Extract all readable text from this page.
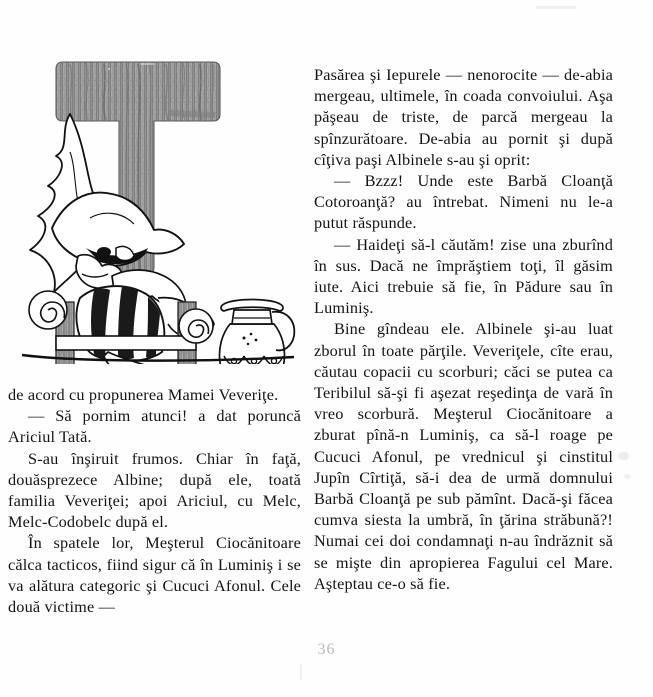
de acord cu propunerea Mamei Veveriţe.

— Să pornim atunci! a dat poruncă Ariciul Tată.

S-au înşiruit frumos. Chiar în faţă, douăsprezece Albine; după ele, toată familia Veveriţei; apoi Ariciul, cu Melc, Melc-Codobelc după el.

În spatele lor, Meşterul Ciocănitoare călca tacticos, fiind sigur că în Luminiş i se va alătura categoric şi Cucuci Afonul. Cele două victime —

Pasărea şi Iepurele — nenorocite — de-abia mergeau, ultimele, în coada convoiului. Aşa păşeau de triste, de parcă mergeau la spînzurătoare. De-abia au pornit şi după cîţiva paşi Albinele s-au şi oprit:

— Bzzz! Unde este Barbă Cloanţă Cotoroanţă? au întrebat. Nimeni nu le-a putut răspunde.

— Haideţi să-l căutăm! zise una zburînd în sus. Dacă ne împrăştiem toţi, îl găsim iute. Aici trebuie să fie, în Pădure sau în Luminiş.

Bine gîndeau ele. Albinele şi-au luat zborul în toate părţile. Veveriţele, cîte erau, căutau copacii cu scorburi; căci se putea ca Teribilul să-şi fi aşezat reşedinţa de vară în vreo scorbură. Meşterul Ciocănitoare a zburat pînă-n Luminiş, ca să-l roage pe Cucuci Afonul, pe vrednicul şi cinstitul Jupîn Cîrtiţă, să-i dea de urmă domnului Barbă Cloanţă pe sub pămînt. Dacă-şi făcea cumva siesta la umbră, în ţărina străbună?! Numai cei doi condamnaţi n-au îndrăznit să se mişte din apropierea Fagului cel Mare. Aşteptau ce-o să fie.

36
